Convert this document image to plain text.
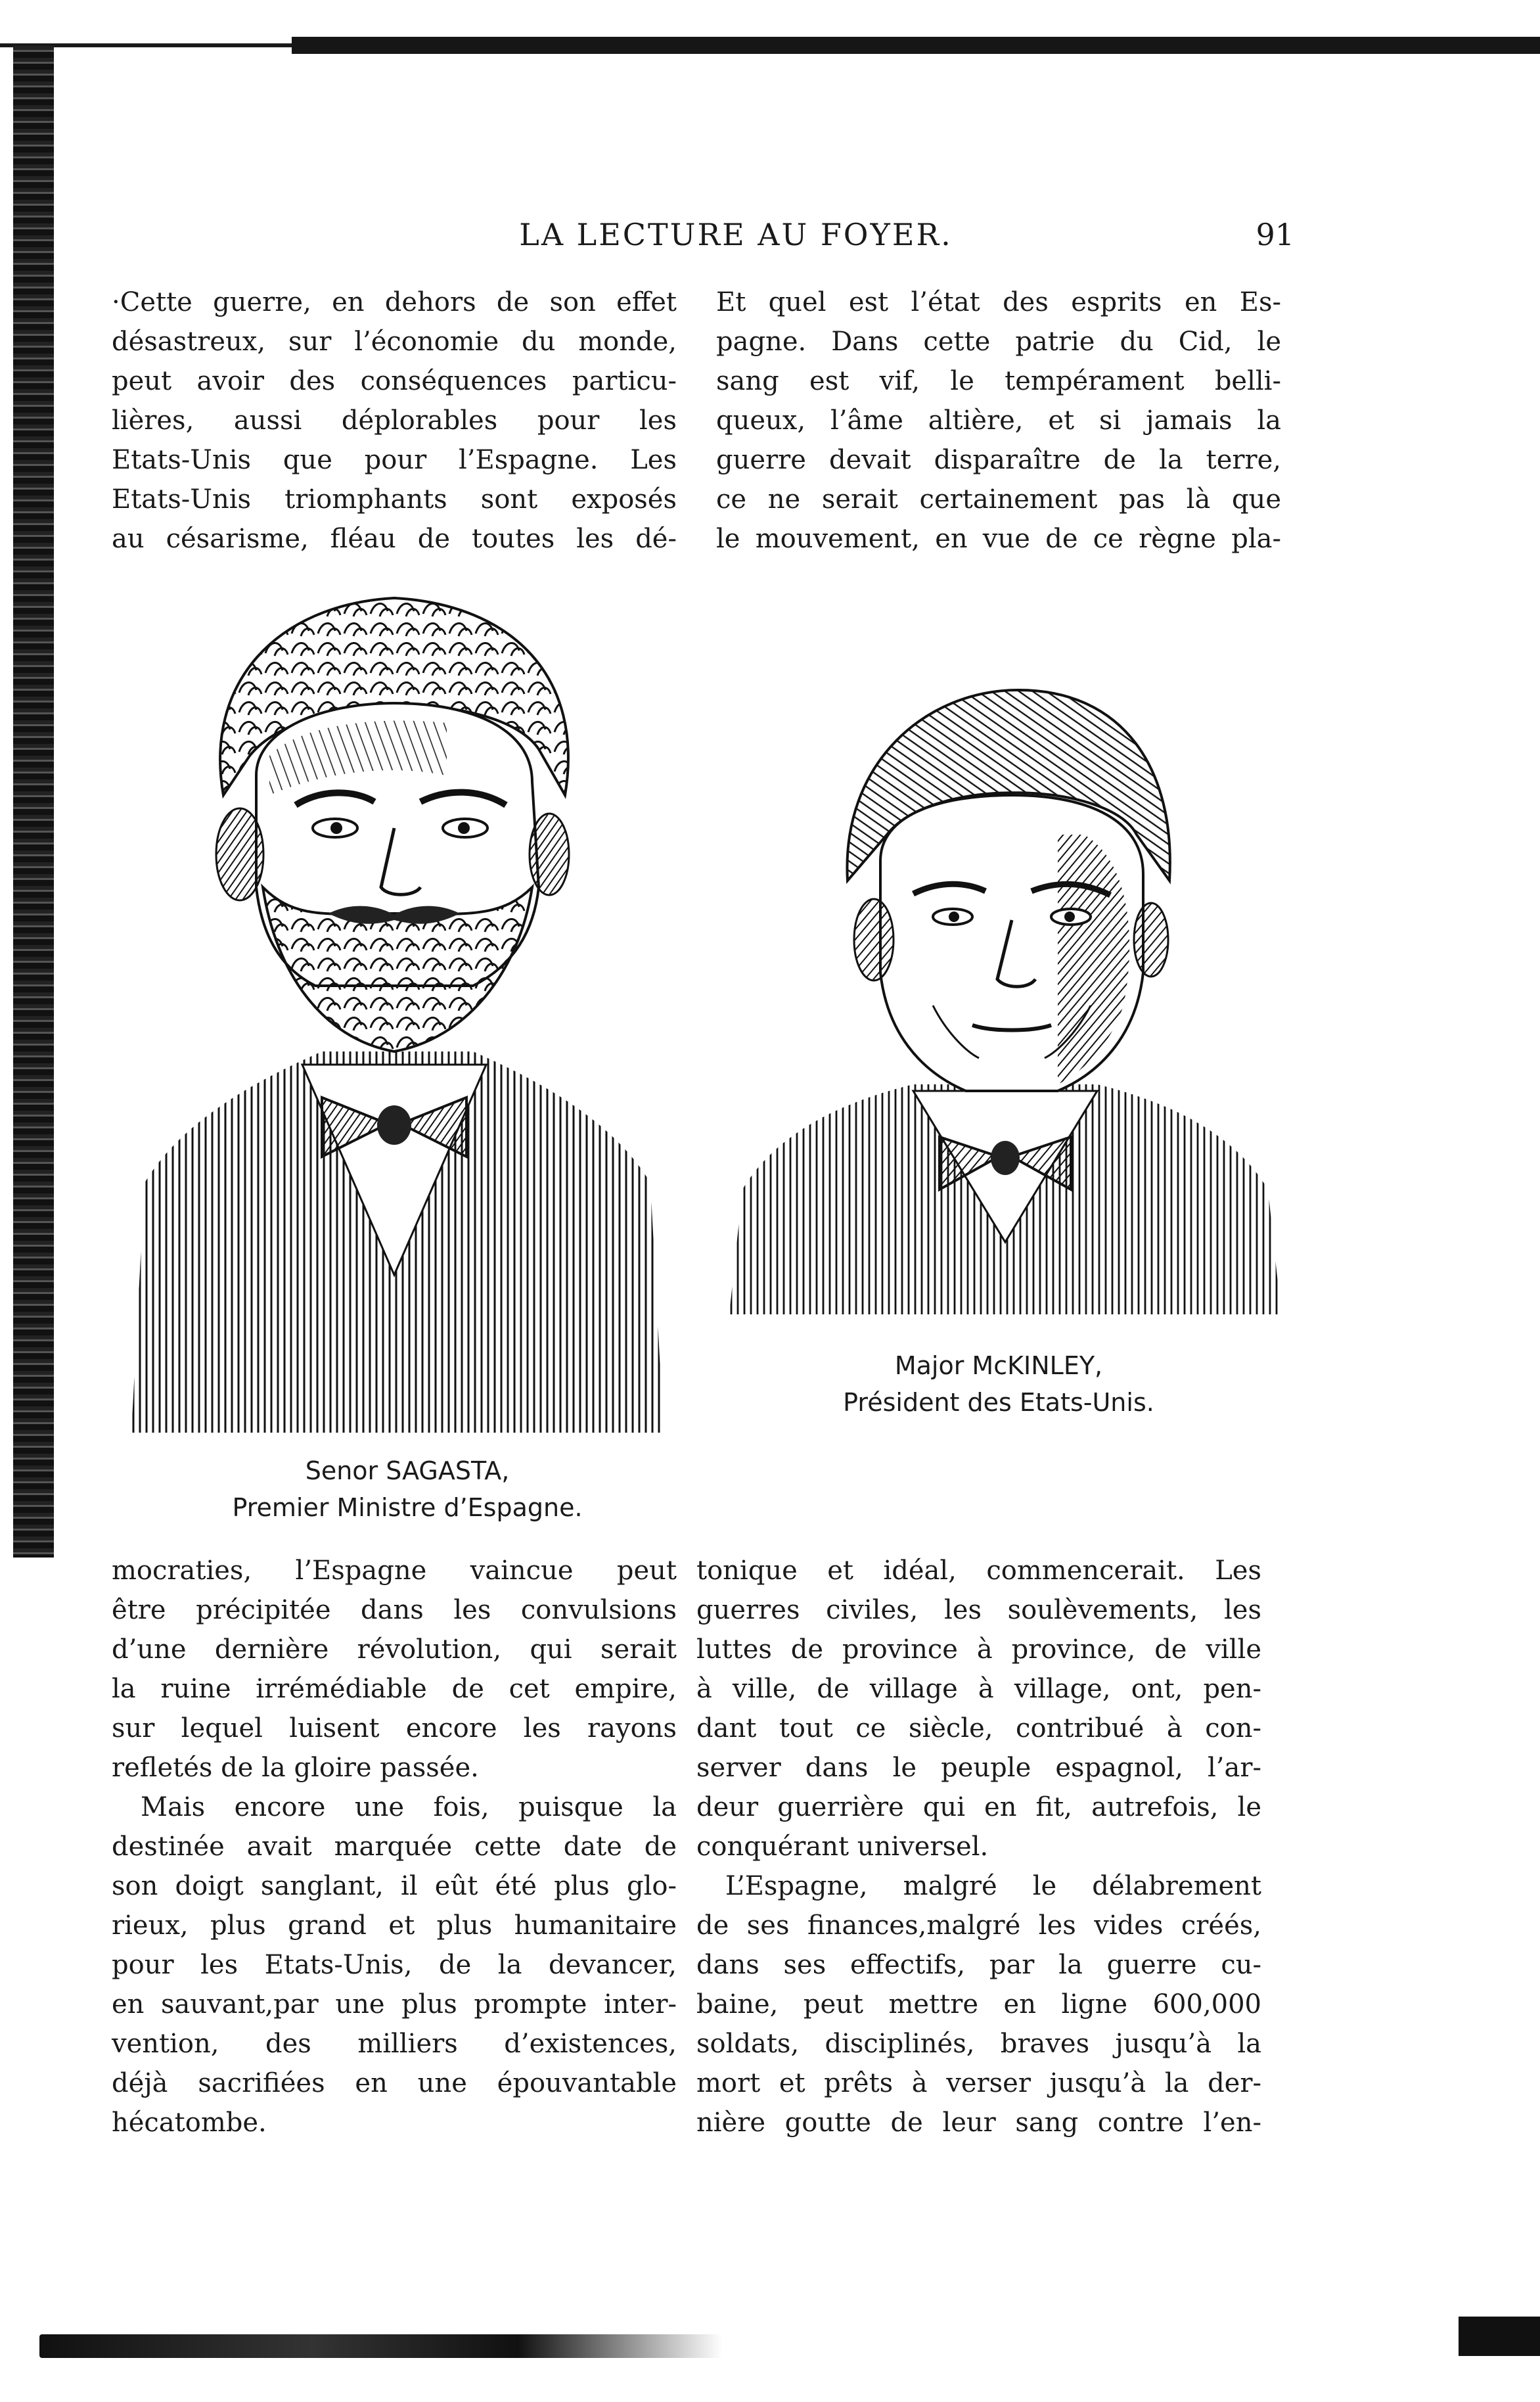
LA LECTURE AU FOYER.	91
·Cette guerre, en dehors de son effet
désastreux, sur l’économie du monde,
peut avoir des conséquences particu-
lières, aussi déplorables pour les
Etats-Unis que pour l’Espagne. Les
Etats-Unis triomphants sont exposés
au césarisme, fléau de toutes les dé-
Et quel est l’état des esprits en Es-
pagne. Dans cette patrie du Cid, le
sang est vif, le tempérament belli-
queux, l’âme altière, et si jamais la
guerre devait disparaître de la terre,
ce ne serait certainement pas là que
le mouvement, en vue de ce règne pla-
Senor SAGASTA,
Premier Ministre d’Espagne.
Major McKINLEY,
Président des Etats-Unis.
mocraties, l’Espagne vaincue peut
être précipitée dans les convulsions
d’une dernière révolution, qui serait
la ruine irrémédiable de cet empire,
sur lequel luisent encore les rayons
refletés de la gloire passée.
Mais encore une fois, puisque la
destinée avait marquée cette date de
son doigt sanglant, il eût été plus glo-
rieux, plus grand et plus humanitaire
pour les Etats-Unis, de la devancer,
en sauvant,par une plus prompte inter-
vention, des milliers d’existences,
déjà sacrifiées en une épouvantable
hécatombe.
tonique et idéal, commencerait. Les
guerres civiles, les soulèvements, les
luttes de province à province, de ville
à ville, de village à village, ont, pen-
dant tout ce siècle, contribué à con-
server dans le peuple espagnol, l’ar-
deur guerrière qui en fit, autrefois, le
conquérant universel.
L’Espagne, malgré le délabrement
de ses finances,malgré les vides créés,
dans ses effectifs, par la guerre cu-
baine, peut mettre en ligne 600,000
soldats, disciplinés, braves jusqu’à la
mort et prêts à verser jusqu’à la der-
nière goutte de leur sang contre l’en-
